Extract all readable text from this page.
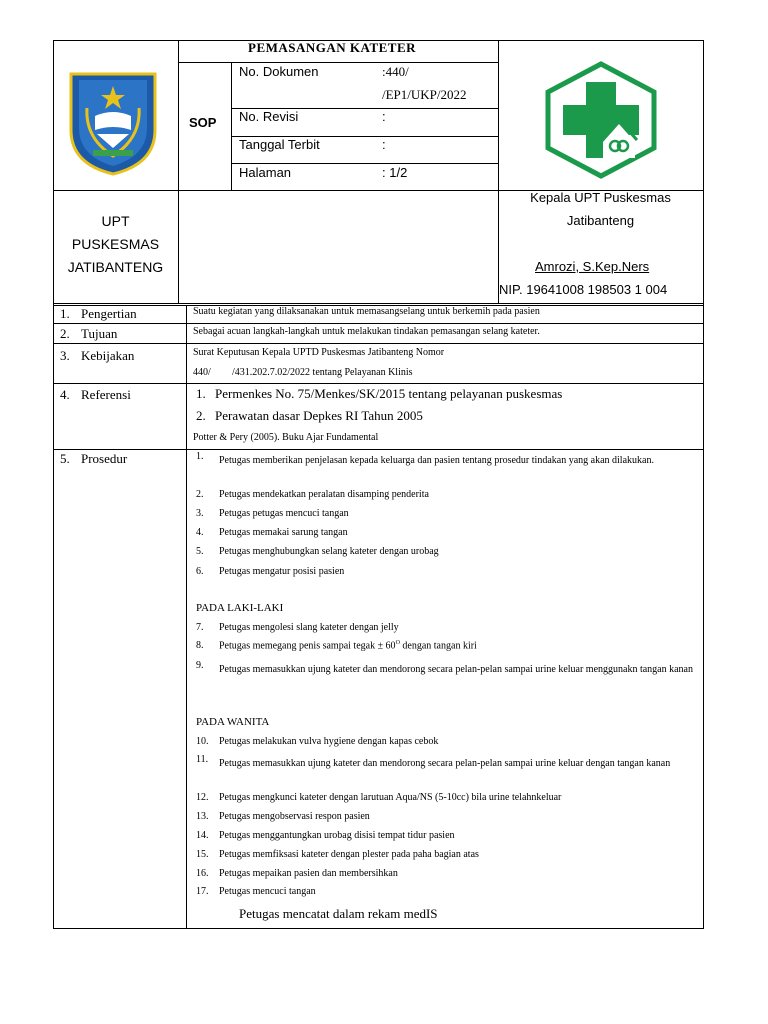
PEMASANGAN KATETER
SOP
No. Dokumen	:440/
/EP1/UKP/2022
No. Revisi	:
Tanggal Terbit	:
Halaman	: 1/2
UPT
PUSKESMAS
JATIBANTENG
Kepala UPT Puskesmas
Jatibanteng
Amrozi, S.Kep.Ners
NIP. 19641008 198503 1 004
1. Pengertian	Suatu kegiatan yang dilaksanakan untuk memasangselang untuk berkemih pada pasien
2. Tujuan	Sebagai acuan langkah-langkah untuk melakukan tindakan pemasangan selang kateter.
3. Kebijakan	Surat Keputusan Kepala UPTD Puskesmas Jatibanteng Nomor
440/ /431.202.7.02/2022 tentang Pelayanan Klinis
4. Referensi	1. Permenkes No. 75/Menkes/SK/2015 tentang pelayanan puskesmas
2. Perawatan dasar Depkes RI Tahun 2005
Potter & Pery (2005). Buku Ajar Fundamental
5. Prosedur	1. Petugas memberikan penjelasan kepada keluarga dan pasien tentang prosedur tindakan yang akan dilakukan.
2. Petugas mendekatkan peralatan disamping penderita
3. Petugas petugas mencuci tangan
4. Petugas memakai sarung tangan
5. Petugas menghubungkan selang kateter dengan urobag
6. Petugas mengatur posisi pasien
PADA LAKI-LAKI
7. Petugas mengolesi slang kateter dengan jelly
8. Petugas memegang penis sampai tegak ± $60^O$ dengan tangan kiri
9. Petugas memasukkan ujung kateter dan mendorong secara pelan-pelan sampai urine keluar menggunakn tangan kanan
PADA WANITA
10. Petugas melakukan vulva hygiene dengan kapas cebok
11. Petugas memasukkan ujung kateter dan mendorong secara pelan-pelan sampai urine keluar dengan tangan kanan
12. Petugas mengkunci kateter dengan larutuan Aqua/NS (5-10cc) bila urine telahnkeluar
13. Petugas mengobservasi respon pasien
14. Petugas menggantungkan urobag disisi tempat tidur pasien
15. Petugas memfiksasi kateter dengan plester pada paha bagian atas
16. Petugas mepaikan pasien dan membersihkan
17. Petugas mencuci tangan
Petugas mencatat dalam rekam medIS
